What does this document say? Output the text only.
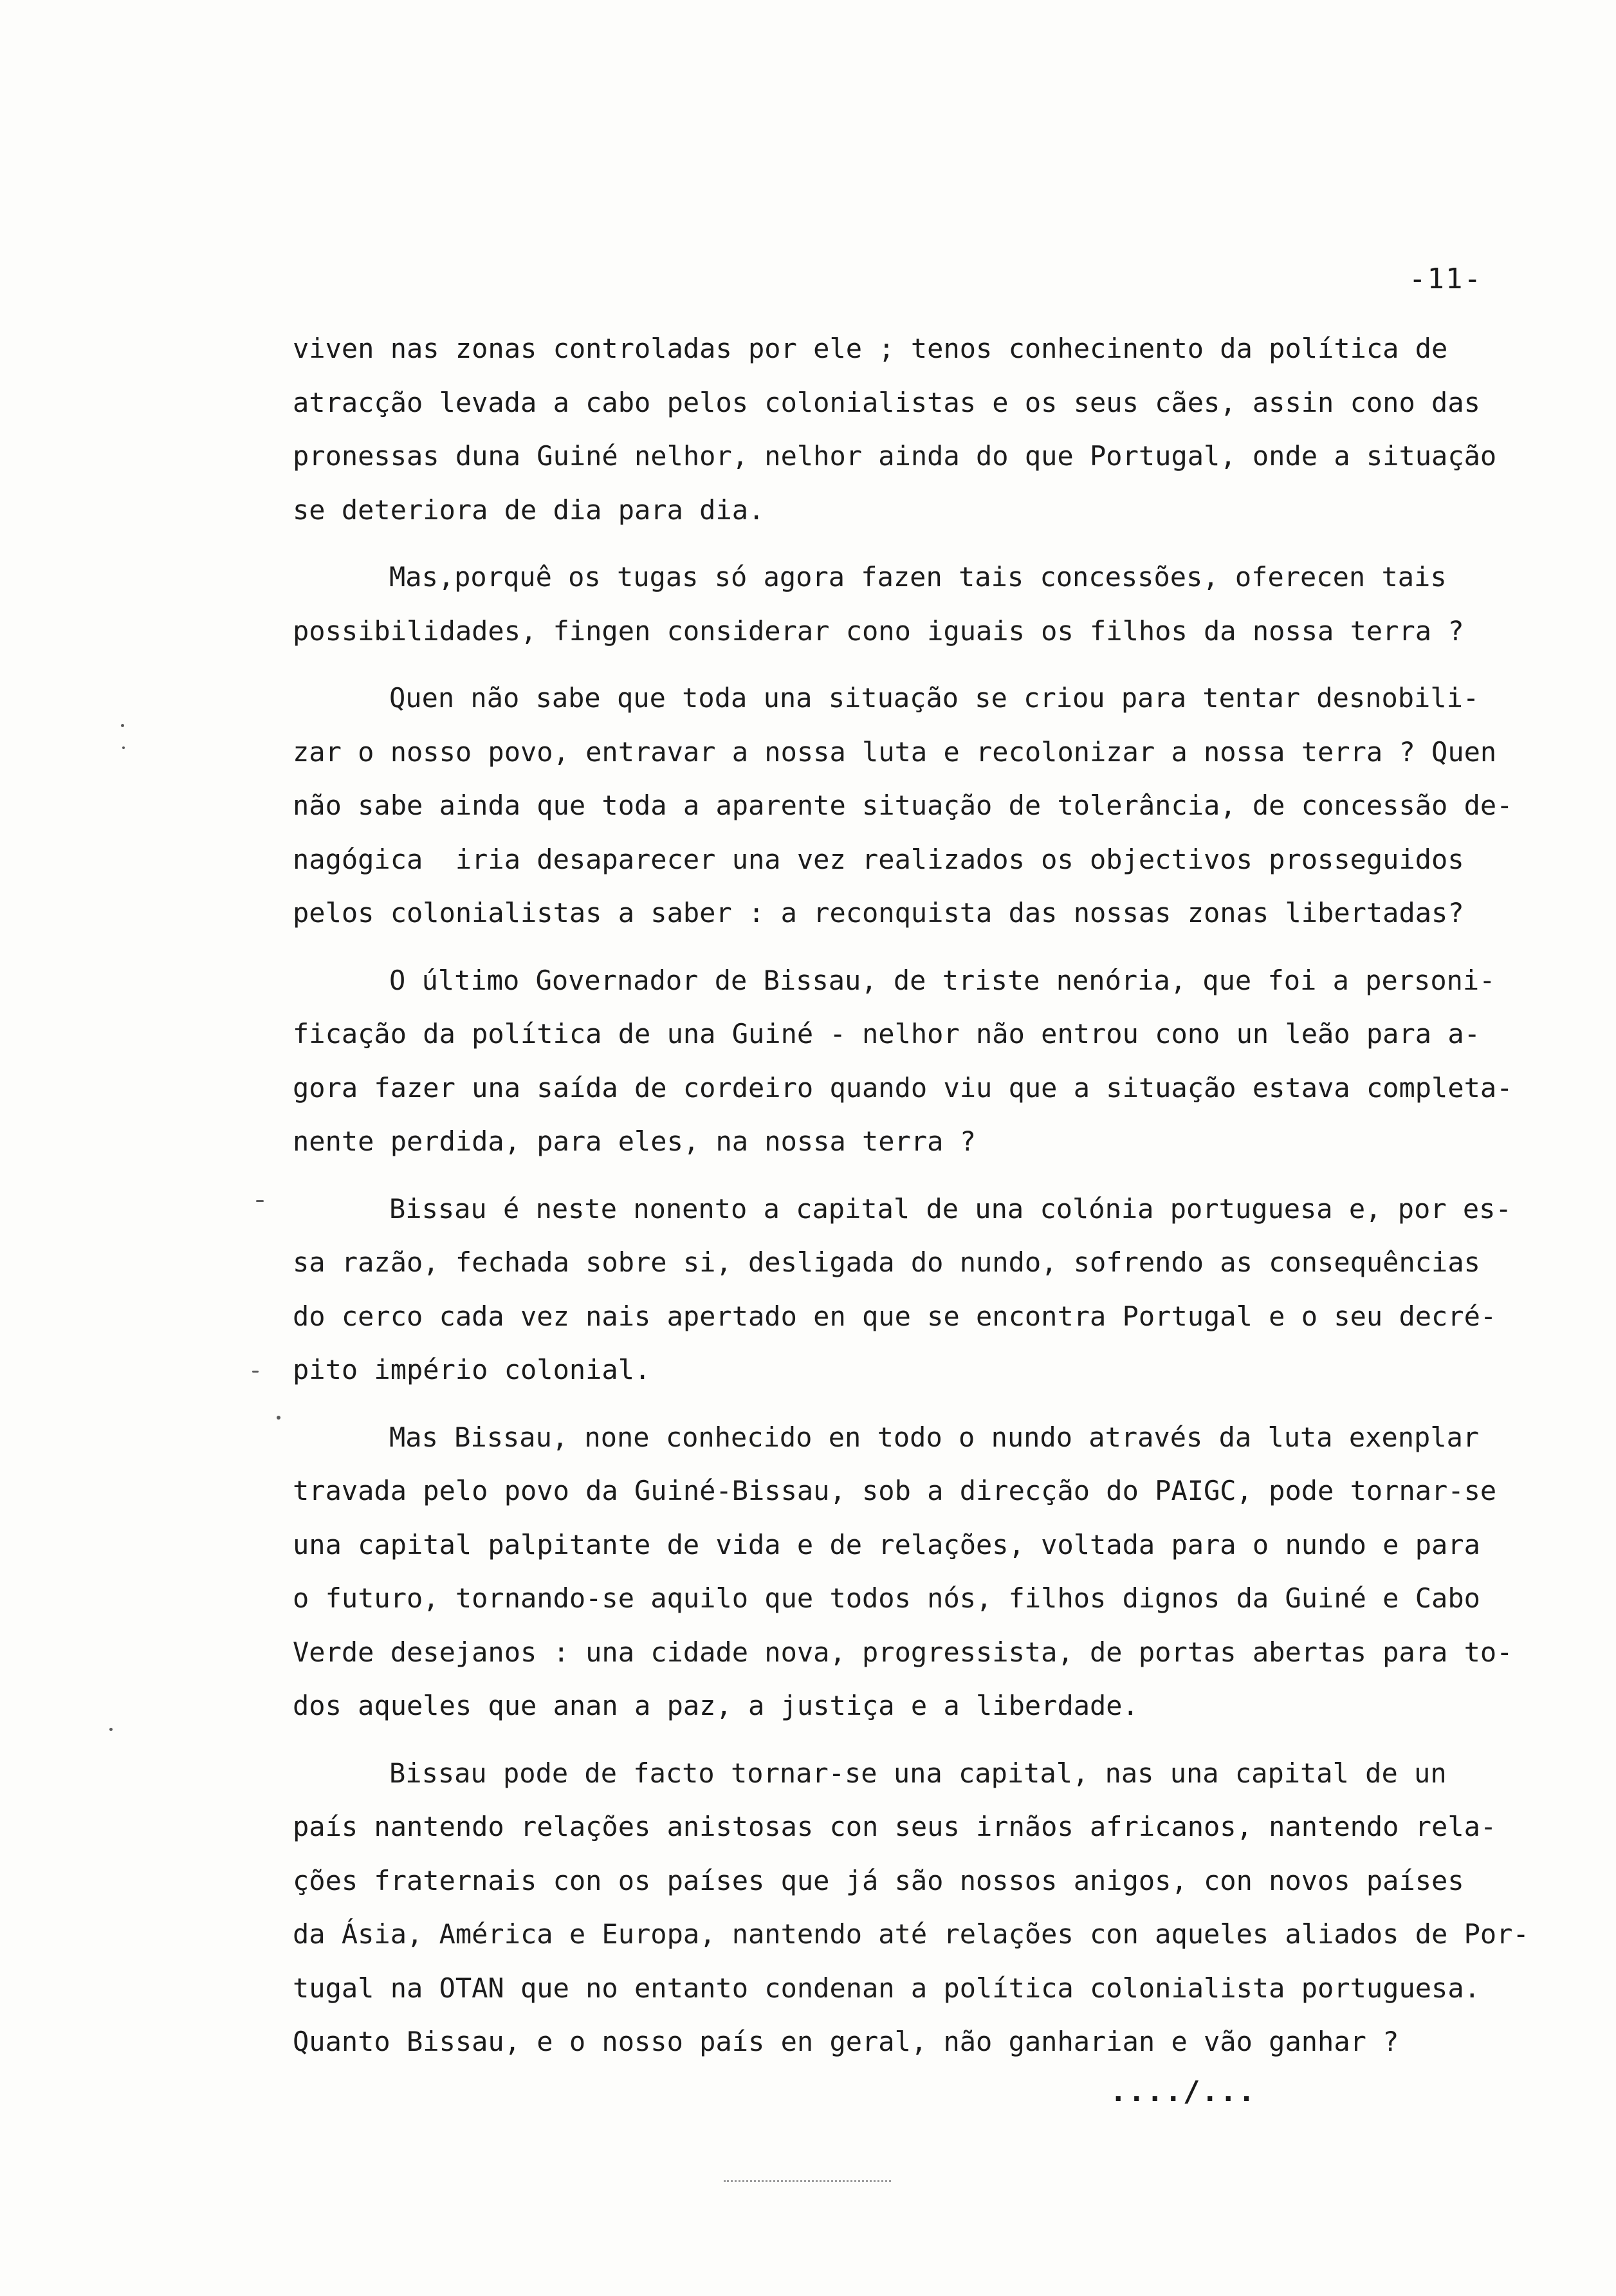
-11-

viven nas zonas controladas por ele ; tenos conhecinento da política de
atracção levada a cabo pelos colonialistas e os seus cães, assin cono das
pronessas duna Guiné nelhor, nelhor ainda do que Portugal, onde a situação
se deteriora de dia para dia.

Mas,porquê os tugas só agora fazen tais concessões, oferecen tais
possibilidades, fingen considerar cono iguais os filhos da nossa terra ?

Quen não sabe que toda una situação se criou para tentar desnobili-
zar o nosso povo, entravar a nossa luta e recolonizar a nossa terra ? Quen
não sabe ainda que toda a aparente situação de tolerância, de concessão de-
nagógica  iria desaparecer una vez realizados os objectivos prosseguidos
pelos colonialistas a saber : a reconquista das nossas zonas libertadas?

O último Governador de Bissau, de triste nenória, que foi a personi-
ficação da política de una Guiné - nelhor não entrou cono un leão para a-
gora fazer una saída de cordeiro quando viu que a situação estava completa-
nente perdida, para eles, na nossa terra ?

Bissau é neste nonento a capital de una colónia portuguesa e, por es-
sa razão, fechada sobre si, desligada do nundo, sofrendo as consequências
do cerco cada vez nais apertado en que se encontra Portugal e o seu decré-
pito império colonial.

Mas Bissau, none conhecido en todo o nundo através da luta exenplar
travada pelo povo da Guiné-Bissau, sob a direcção do PAIGC, pode tornar-se
una capital palpitante de vida e de relações, voltada para o nundo e para
o futuro, tornando-se aquilo que todos nós, filhos dignos da Guiné e Cabo
Verde desejanos : una cidade nova, progressista, de portas abertas para to-
dos aqueles que anan a paz, a justiça e a liberdade.

Bissau pode de facto tornar-se una capital, nas una capital de un
país nantendo relações anistosas con seus irnãos africanos, nantendo rela-
ções fraternais con os países que já são nossos anigos, con novos países
da Ásia, América e Europa, nantendo até relações con aqueles aliados de Por-
tugal na OTAN que no entanto condenan a política colonialista portuguesa.
Quanto Bissau, e o nosso país en geral, não ganharian e vão ganhar ?

..../...
